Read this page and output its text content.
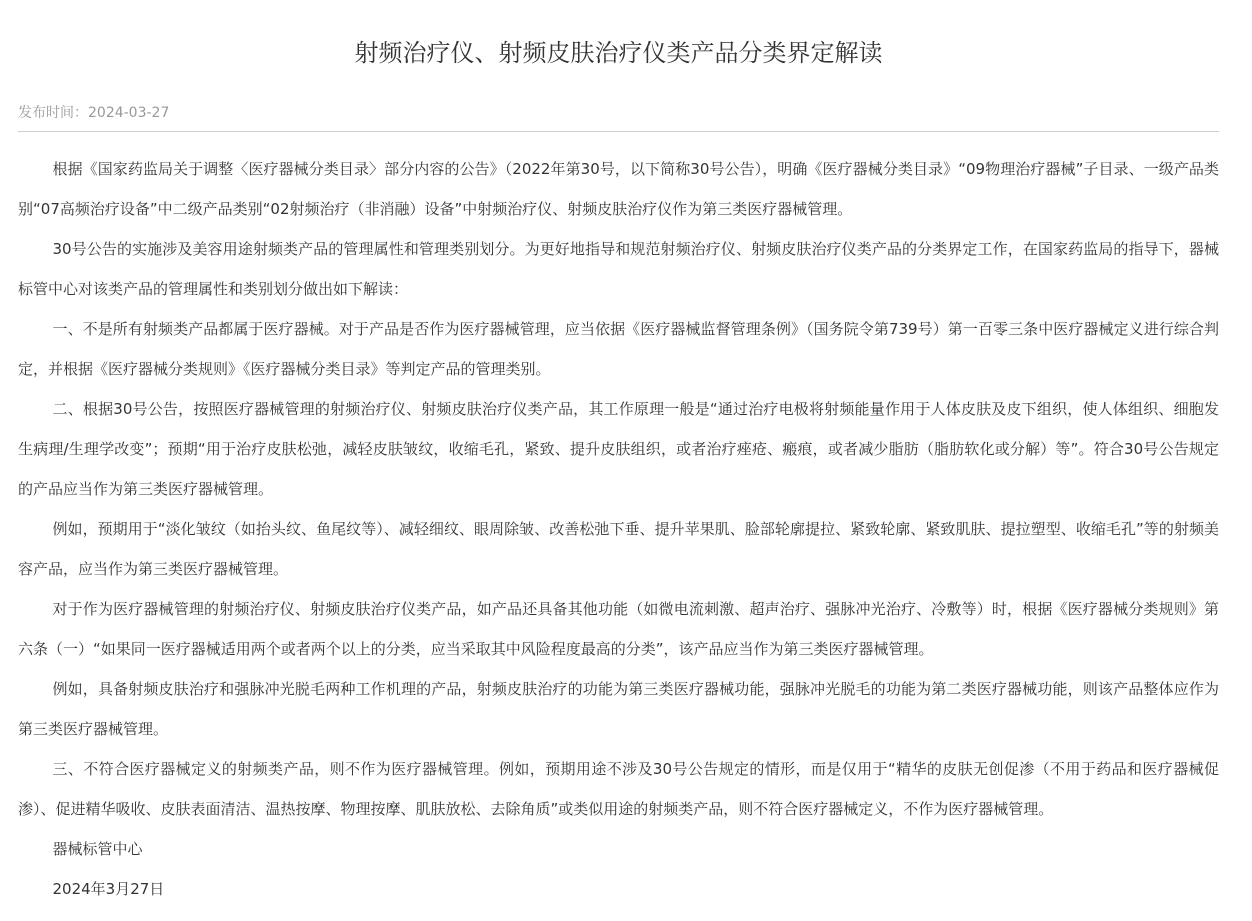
射频治疗仪、射频皮肤治疗仪类产品分类界定解读
发布时间：2024-03-27

根据《国家药监局关于调整〈医疗器械分类目录〉部分内容的公告》（2022年第30号，以下简称30号公告），明确《医疗器械分类目录》“09物理治疗器械”子目录、一级产品类别“07高频治疗设备”中二级产品类别“02射频治疗（非消融）设备”中射频治疗仪、射频皮肤治疗仪作为第三类医疗器械管理。

30号公告的实施涉及美容用途射频类产品的管理属性和管理类别划分。为更好地指导和规范射频治疗仪、射频皮肤治疗仪类产品的分类界定工作，在国家药监局的指导下，器械标管中心对该类产品的管理属性和类别划分做出如下解读：

一、不是所有射频类产品都属于医疗器械。对于产品是否作为医疗器械管理，应当依据《医疗器械监督管理条例》（国务院令第739号）第一百零三条中医疗器械定义进行综合判定，并根据《医疗器械分类规则》《医疗器械分类目录》等判定产品的管理类别。

二、根据30号公告，按照医疗器械管理的射频治疗仪、射频皮肤治疗仪类产品，其工作原理一般是“通过治疗电极将射频能量作用于人体皮肤及皮下组织，使人体组织、细胞发生病理/生理学改变”；预期“用于治疗皮肤松弛，减轻皮肤皱纹，收缩毛孔，紧致、提升皮肤组织，或者治疗痤疮、瘢痕，或者减少脂肪（脂肪软化或分解）等”。符合30号公告规定的产品应当作为第三类医疗器械管理。

例如，预期用于“淡化皱纹（如抬头纹、鱼尾纹等）、减轻细纹、眼周除皱、改善松弛下垂、提升苹果肌、脸部轮廓提拉、紧致轮廓、紧致肌肤、提拉塑型、收缩毛孔”等的射频美容产品，应当作为第三类医疗器械管理。

对于作为医疗器械管理的射频治疗仪、射频皮肤治疗仪类产品，如产品还具备其他功能（如微电流刺激、超声治疗、强脉冲光治疗、冷敷等）时，根据《医疗器械分类规则》第六条（一）“如果同一医疗器械适用两个或者两个以上的分类，应当采取其中风险程度最高的分类”，该产品应当作为第三类医疗器械管理。

例如，具备射频皮肤治疗和强脉冲光脱毛两种工作机理的产品，射频皮肤治疗的功能为第三类医疗器械功能，强脉冲光脱毛的功能为第二类医疗器械功能，则该产品整体应作为第三类医疗器械管理。

三、不符合医疗器械定义的射频类产品，则不作为医疗器械管理。例如，预期用途不涉及30号公告规定的情形，而是仅用于“精华的皮肤无创促渗（不用于药品和医疗器械促渗）、促进精华吸收、皮肤表面清洁、温热按摩、物理按摩、肌肤放松、去除角质”或类似用途的射频类产品，则不符合医疗器械定义，不作为医疗器械管理。

器械标管中心

2024年3月27日
